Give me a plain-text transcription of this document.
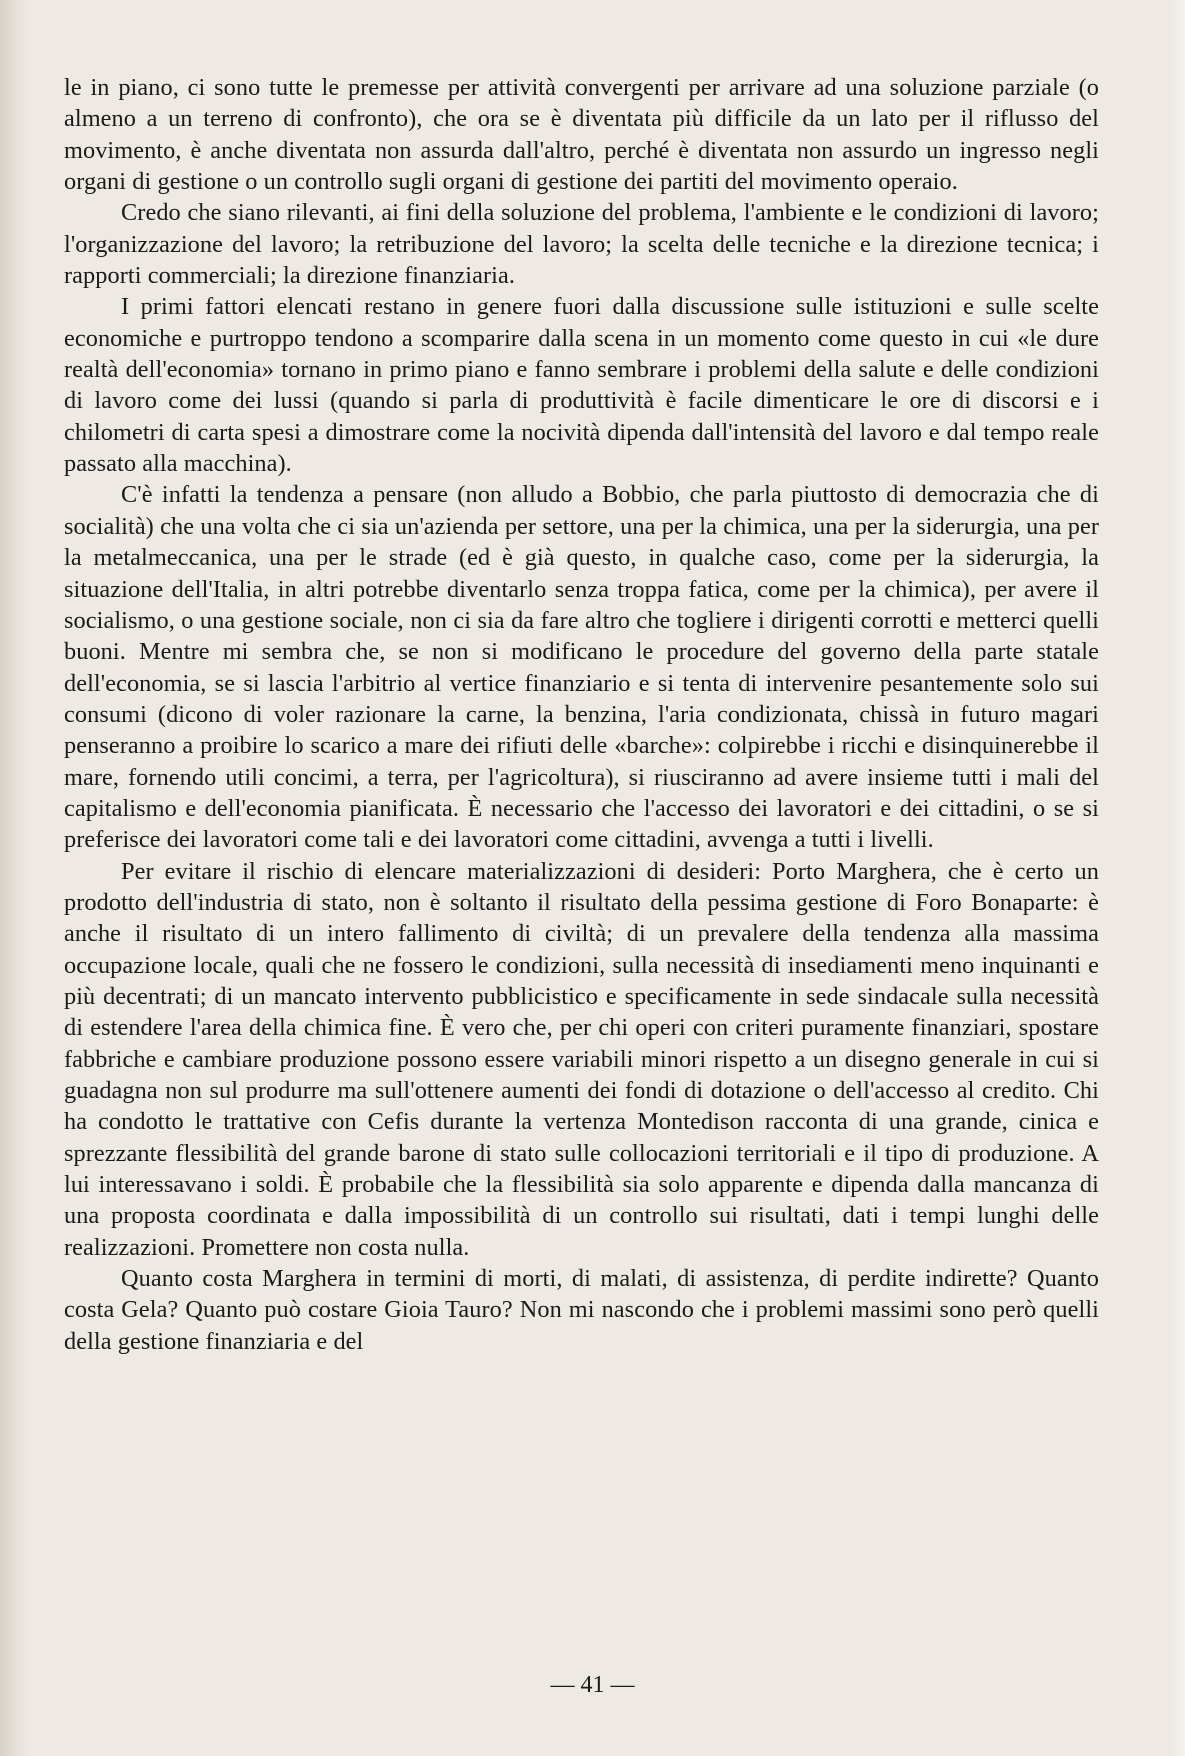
le in piano, ci sono tutte le premesse per attività convergenti per arrivare ad una soluzione parziale (o almeno a un terreno di confronto), che ora se è diventata più difficile da un lato per il riflusso del movimento, è anche diventata non assurda dall'altro, perché è diventata non assurdo un ingresso negli organi di gestione o un controllo sugli organi di gestione dei partiti del movimento operaio.

Credo che siano rilevanti, ai fini della soluzione del problema, l'ambiente e le condizioni di lavoro; l'organizzazione del lavoro; la retribuzione del lavoro; la scelta delle tecniche e la direzione tecnica; i rapporti commerciali; la direzione finanziaria.

I primi fattori elencati restano in genere fuori dalla discussione sulle istituzioni e sulle scelte economiche e purtroppo tendono a scomparire dalla scena in un momento come questo in cui «le dure realtà dell'economia» tornano in primo piano e fanno sembrare i problemi della salute e delle condizioni di lavoro come dei lussi (quando si parla di produttività è facile dimenticare le ore di discorsi e i chilometri di carta spesi a dimostrare come la nocività dipenda dall'intensità del lavoro e dal tempo reale passato alla macchina).

C'è infatti la tendenza a pensare (non alludo a Bobbio, che parla piuttosto di democrazia che di socialità) che una volta che ci sia un'azienda per settore, una per la chimica, una per la siderurgia, una per la metalmeccanica, una per le strade (ed è già questo, in qualche caso, come per la siderurgia, la situazione dell'Italia, in altri potrebbe diventarlo senza troppa fatica, come per la chimica), per avere il socialismo, o una gestione sociale, non ci sia da fare altro che togliere i dirigenti corrotti e metterci quelli buoni. Mentre mi sembra che, se non si modificano le procedure del governo della parte statale dell'economia, se si lascia l'arbitrio al vertice finanziario e si tenta di intervenire pesantemente solo sui consumi (dicono di voler razionare la carne, la benzina, l'aria condizionata, chissà in futuro magari penseranno a proibire lo scarico a mare dei rifiuti delle «barche»: colpirebbe i ricchi e disinquinerebbe il mare, fornendo utili concimi, a terra, per l'agricoltura), si riusciranno ad avere insieme tutti i mali del capitalismo e dell'economia pianificata. È necessario che l'accesso dei lavoratori e dei cittadini, o se si preferisce dei lavoratori come tali e dei lavoratori come cittadini, avvenga a tutti i livelli.

Per evitare il rischio di elencare materializzazioni di desideri: Porto Marghera, che è certo un prodotto dell'industria di stato, non è soltanto il risultato della pessima gestione di Foro Bonaparte: è anche il risultato di un intero fallimento di civiltà; di un prevalere della tendenza alla massima occupazione locale, quali che ne fossero le condizioni, sulla necessità di insediamenti meno inquinanti e più decentrati; di un mancato intervento pubblicistico e specificamente in sede sindacale sulla necessità di estendere l'area della chimica fine. È vero che, per chi operi con criteri puramente finanziari, spostare fabbriche e cambiare produzione possono essere variabili minori rispetto a un disegno generale in cui si guadagna non sul produrre ma sull'ottenere aumenti dei fondi di dotazione o dell'accesso al credito. Chi ha condotto le trattative con Cefis durante la vertenza Montedison racconta di una grande, cinica e sprezzante flessibilità del grande barone di stato sulle collocazioni territoriali e il tipo di produzione. A lui interessavano i soldi. È probabile che la flessibilità sia solo apparente e dipenda dalla mancanza di una proposta coordinata e dalla impossibilità di un controllo sui risultati, dati i tempi lunghi delle realizzazioni. Promettere non costa nulla.

Quanto costa Marghera in termini di morti, di malati, di assistenza, di perdite indirette? Quanto costa Gela? Quanto può costare Gioia Tauro? Non mi nascondo che i problemi massimi sono però quelli della gestione finanziaria e del

— 41 —
